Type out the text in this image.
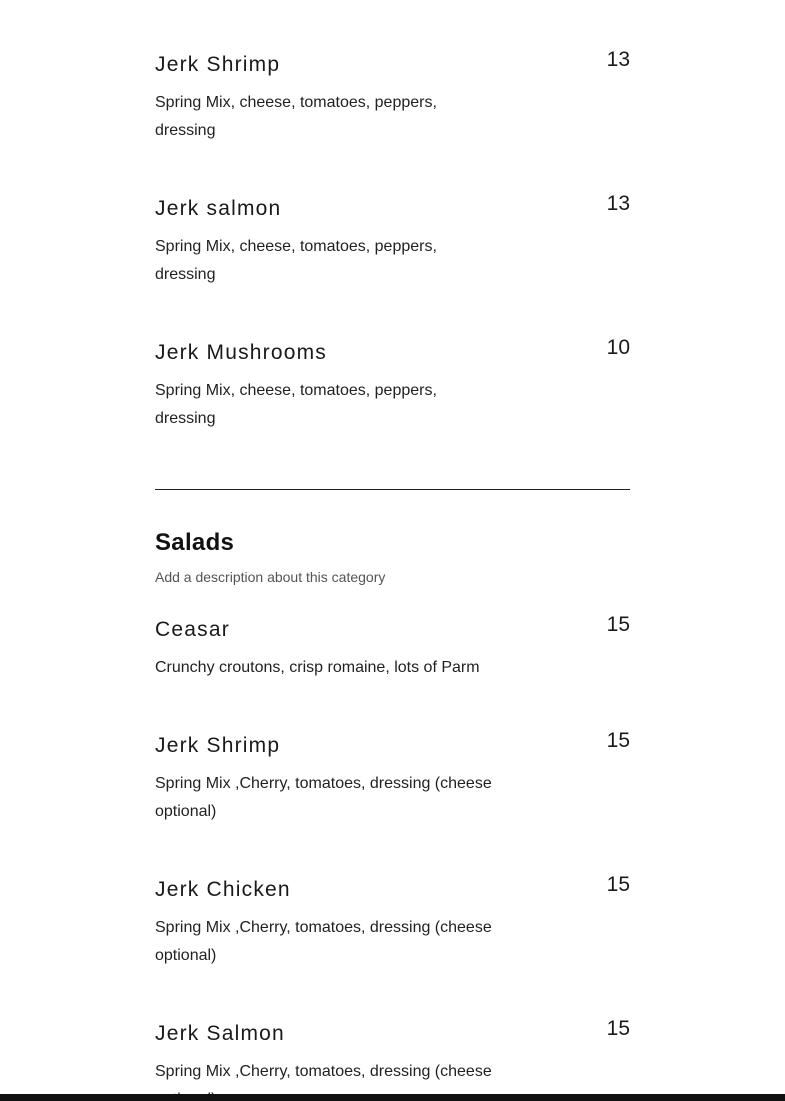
Jerk Shrimp	13
Spring Mix, cheese, tomatoes, peppers, dressing
Jerk salmon	13
Spring Mix, cheese, tomatoes, peppers, dressing
Jerk Mushrooms	10
Spring Mix, cheese, tomatoes, peppers, dressing
Salads
Add a description about this category
Ceasar	15
Crunchy croutons, crisp romaine, lots of Parm
Jerk Shrimp	15
Spring Mix ,Cherry, tomatoes, dressing (cheese optional)
Jerk Chicken	15
Spring Mix ,Cherry, tomatoes, dressing (cheese optional)
Jerk Salmon	15
Spring Mix ,Cherry, tomatoes, dressing (cheese
